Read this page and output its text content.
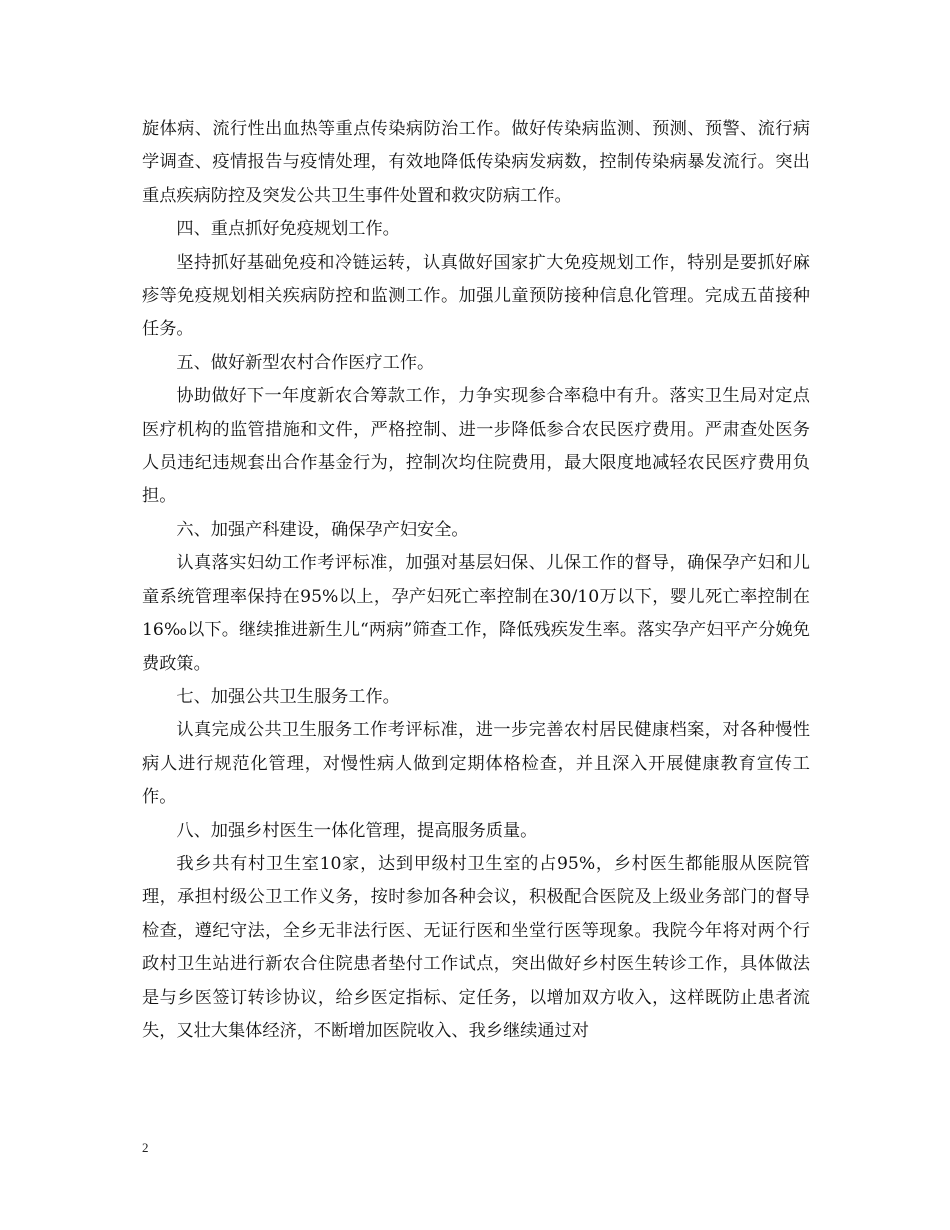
旋体病、流行性出血热等重点传染病防治工作。做好传染病监测、预测、预警、流行病学调查、疫情报告与疫情处理，有效地降低传染病发病数，控制传染病暴发流行。突出重点疾病防控及突发公共卫生事件处置和救灾防病工作。

四、重点抓好免疫规划工作。

坚持抓好基础免疫和冷链运转，认真做好国家扩大免疫规划工作，特别是要抓好麻疹等免疫规划相关疾病防控和监测工作。加强儿童预防接种信息化管理。完成五苗接种任务。

五、做好新型农村合作医疗工作。

协助做好下一年度新农合筹款工作，力争实现参合率稳中有升。落实卫生局对定点医疗机构的监管措施和文件，严格控制、进一步降低参合农民医疗费用。严肃查处医务人员违纪违规套出合作基金行为，控制次均住院费用，最大限度地减轻农民医疗费用负担。

六、加强产科建设，确保孕产妇安全。

认真落实妇幼工作考评标准，加强对基层妇保、儿保工作的督导，确保孕产妇和儿童系统管理率保持在95%以上，孕产妇死亡率控制在30/10万以下，婴儿死亡率控制在16‰以下。继续推进新生儿“两病”筛查工作，降低残疾发生率。落实孕产妇平产分娩免费政策。

七、加强公共卫生服务工作。

认真完成公共卫生服务工作考评标准，进一步完善农村居民健康档案，对各种慢性病人进行规范化管理，对慢性病人做到定期体格检查，并且深入开展健康教育宣传工作。

八、加强乡村医生一体化管理，提高服务质量。

我乡共有村卫生室10家，达到甲级村卫生室的占95%，乡村医生都能服从医院管理，承担村级公卫工作义务，按时参加各种会议，积极配合医院及上级业务部门的督导检查，遵纪守法，全乡无非法行医、无证行医和坐堂行医等现象。我院今年将对两个行政村卫生站进行新农合住院患者垫付工作试点，突出做好乡村医生转诊工作，具体做法是与乡医签订转诊协议，给乡医定指标、定任务，以增加双方收入，这样既防止患者流失，又壮大集体经济，不断增加医院收入、我乡继续通过对

2
